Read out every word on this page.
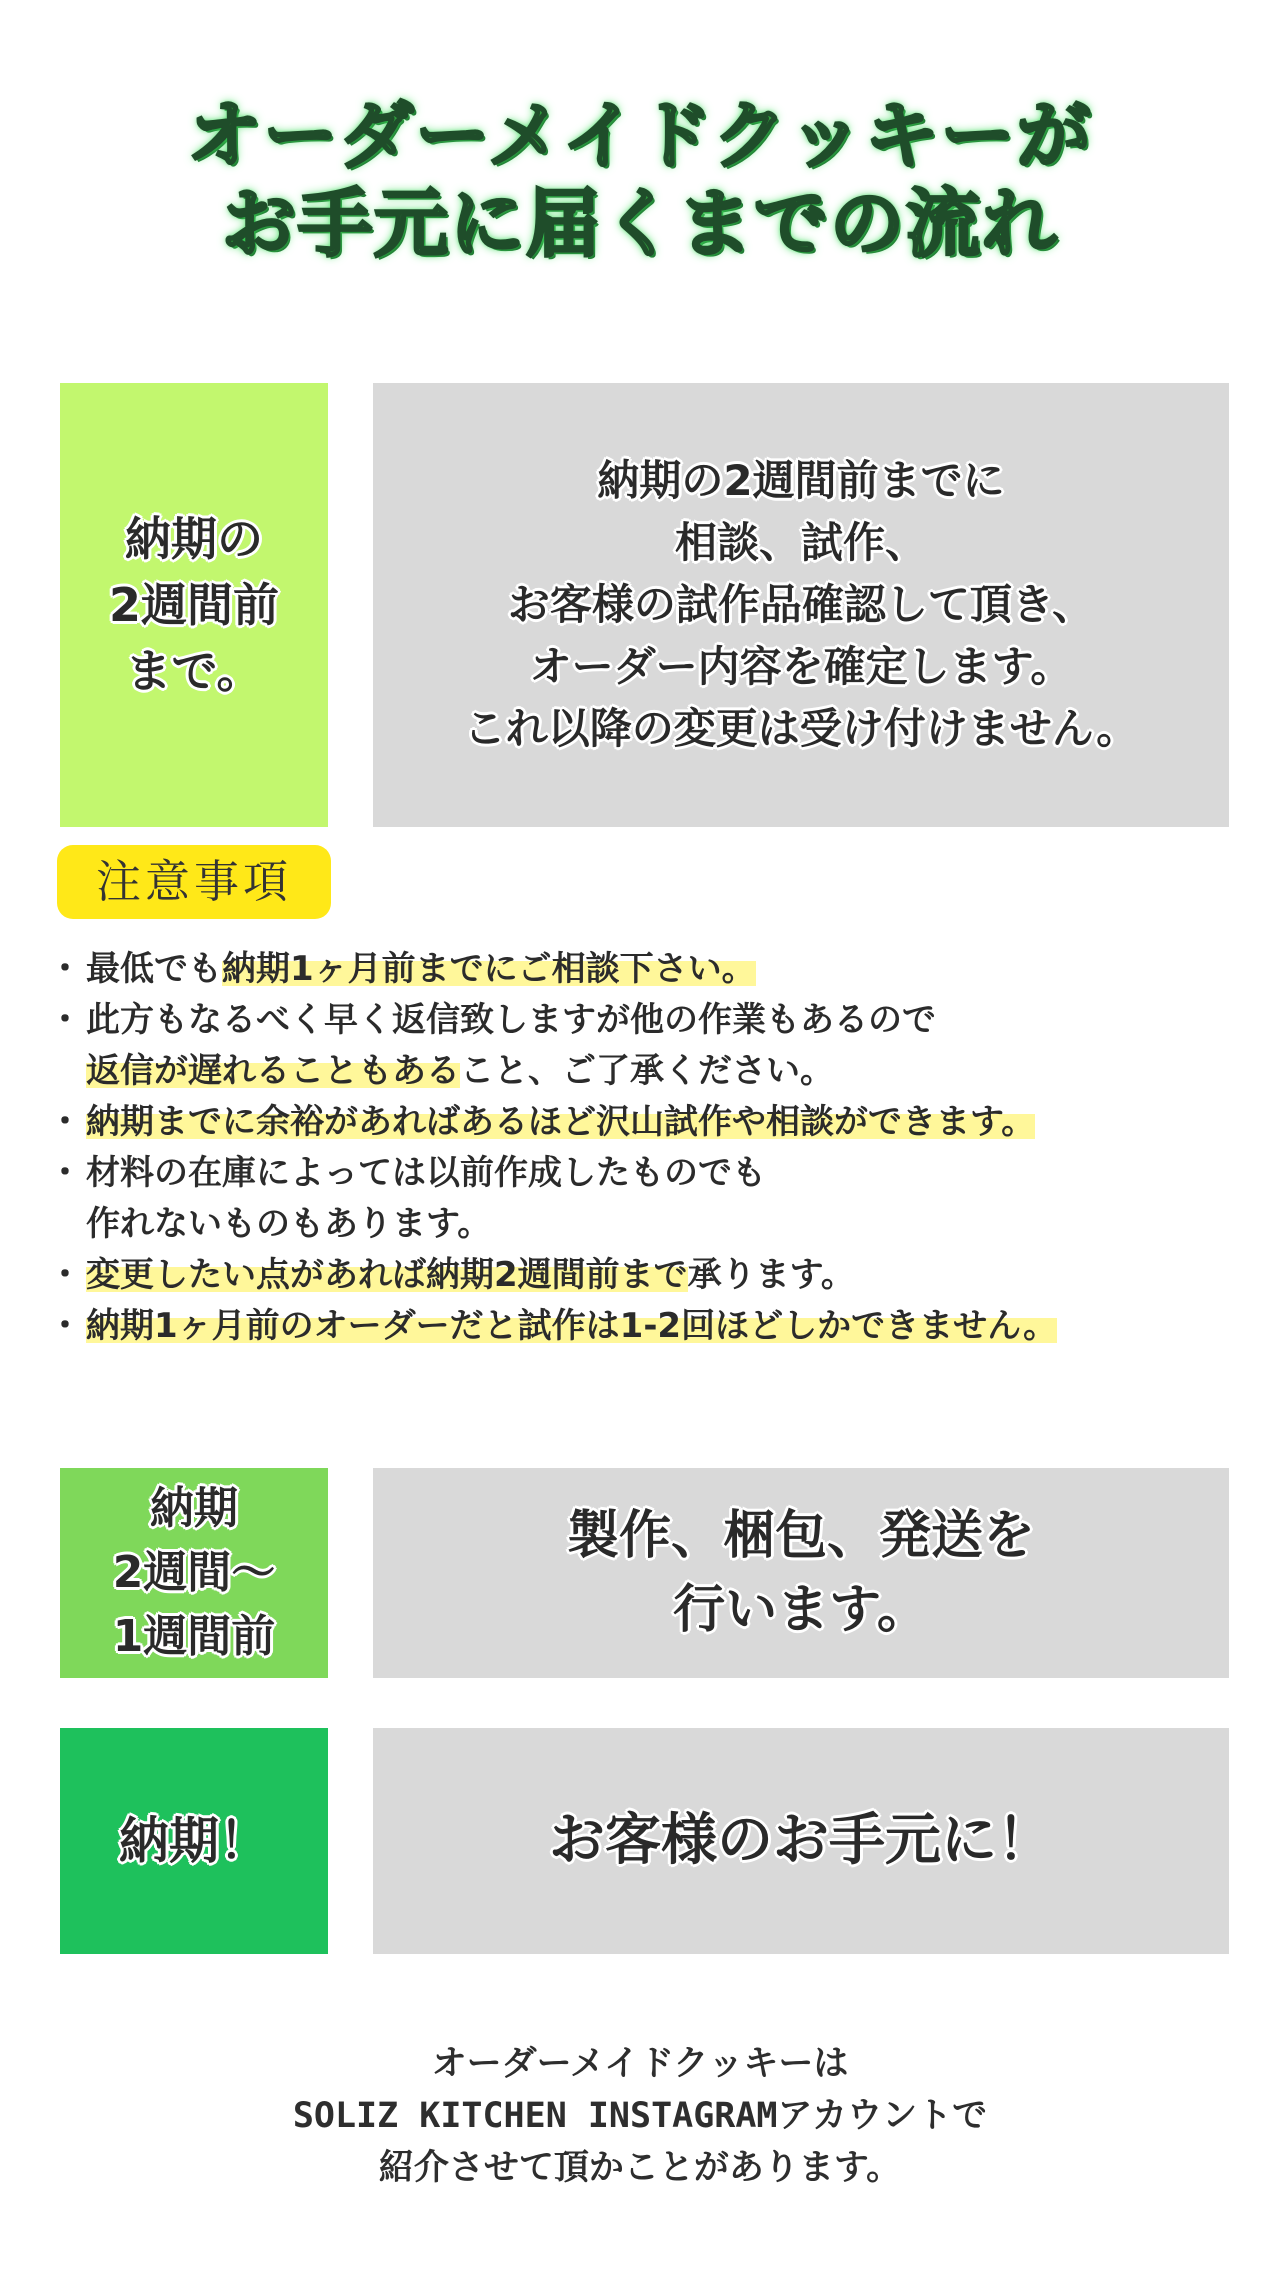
オーダーメイドクッキーが
お手元に届くまでの流れ
納期の
2週間前
まで。
納期の2週間前までに
相談、試作、
お客様の試作品確認して頂き、
オーダー内容を確定します。
これ以降の変更は受け付けません。
注意事項
・ 最低でも納期1ヶ月前までにご相談下さい。
・ 此方もなるべく早く返信致しますが他の作業もあるので
返信が遅れることもあること、ご了承ください。
・ 納期までに余裕があればあるほど沢山試作や相談ができます。
・ 材料の在庫によっては以前作成したものでも
作れないものもあります。
・ 変更したい点があれば納期2週間前まで承ります。
・ 納期1ヶ月前のオーダーだと試作は1-2回ほどしかできません。
納期
2週間〜
1週間前
製作、梱包、発送を
行います。
納期！	お客様のお手元に！
オーダーメイドクッキーは
SOLIZ KITCHEN INSTAGRAMアカウントで
紹介させて頂かことがあります。
